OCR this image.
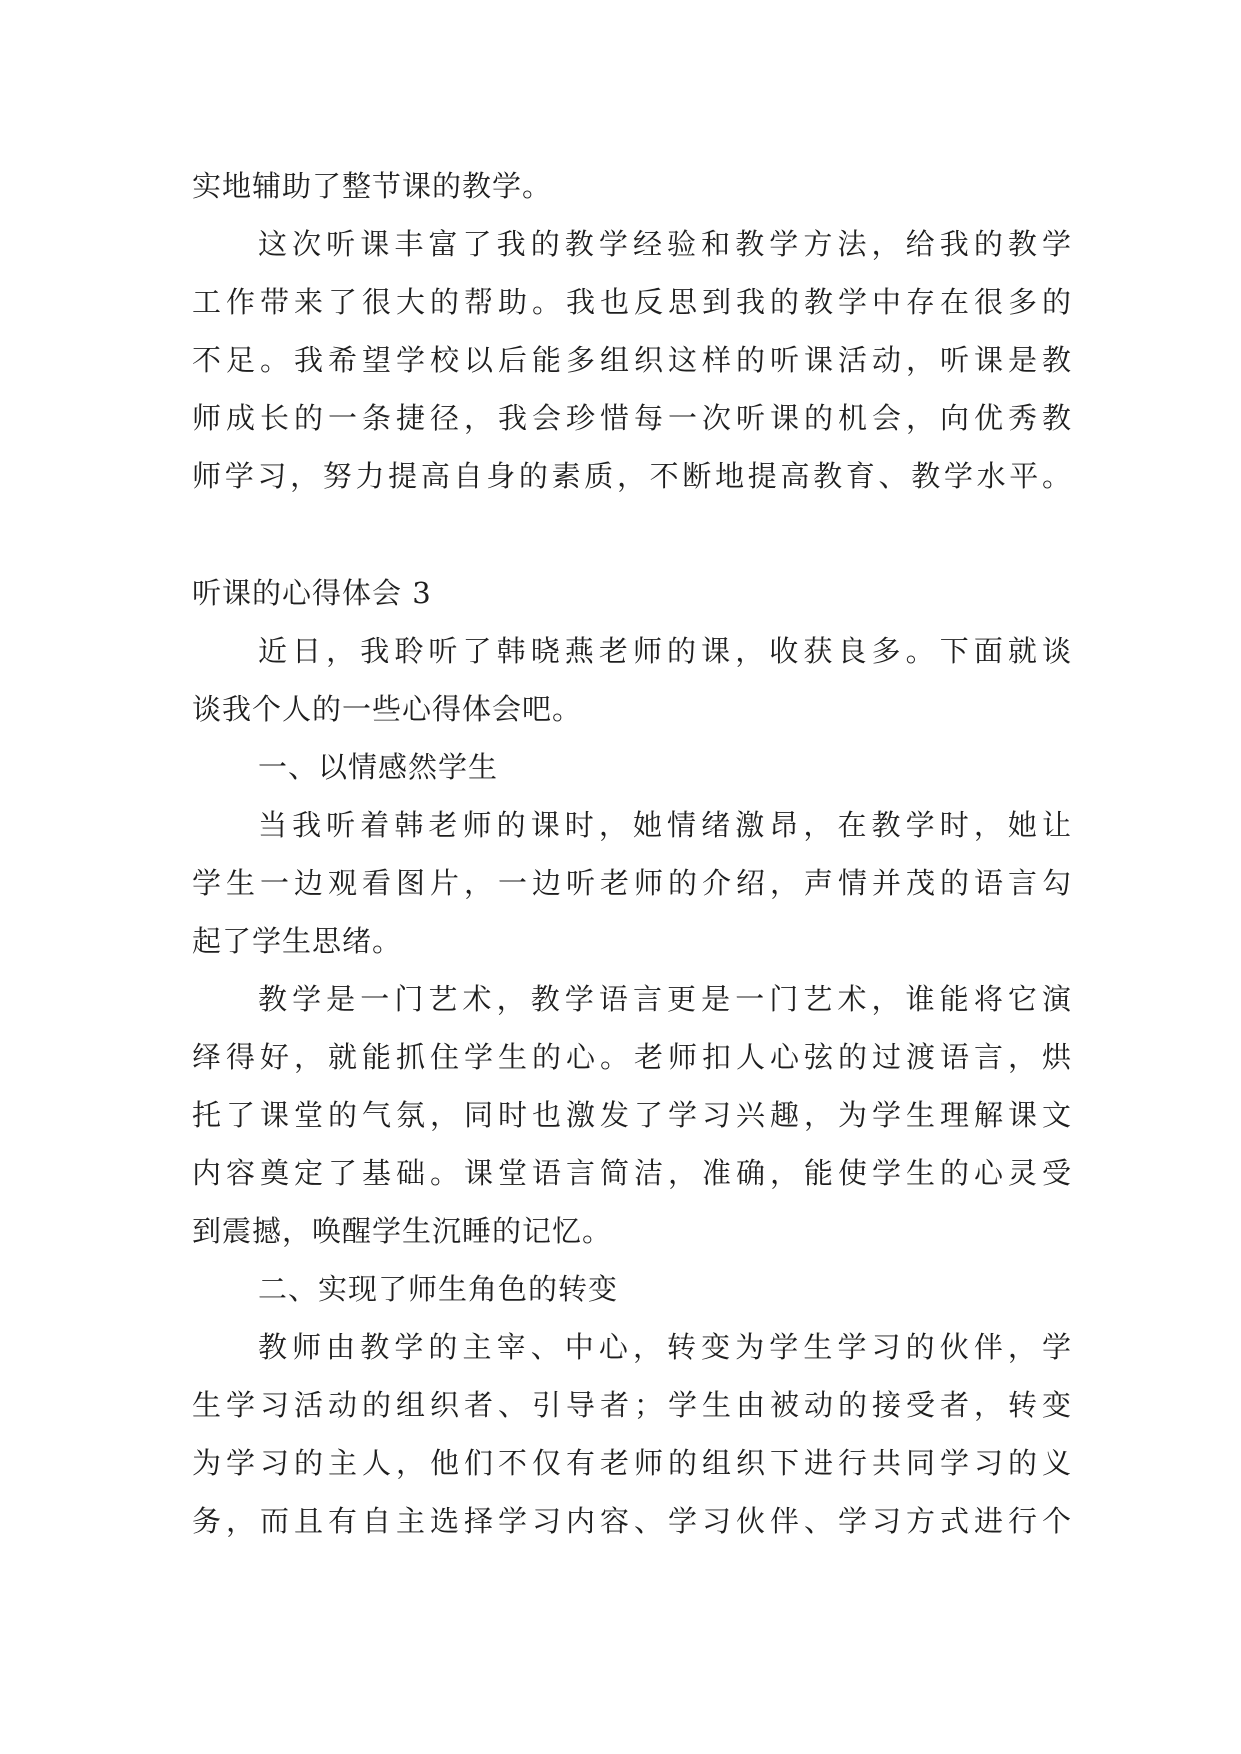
实地辅助了整节课的教学。
这次听课丰富了我的教学经验和教学方法，给我的教学
工作带来了很大的帮助。我也反思到我的教学中存在很多的
不足。我希望学校以后能多组织这样的听课活动，听课是教
师成长的一条捷径，我会珍惜每一次听课的机会，向优秀教
师学习，努力提高自身的素质，不断地提高教育、教学水平。
听课的心得体会 3
近日，我聆听了韩晓燕老师的课，收获良多。下面就谈
谈我个人的一些心得体会吧。
一、以情感然学生
当我听着韩老师的课时，她情绪激昂，在教学时，她让
学生一边观看图片，一边听老师的介绍，声情并茂的语言勾
起了学生思绪。
教学是一门艺术，教学语言更是一门艺术，谁能将它演
绎得好，就能抓住学生的心。老师扣人心弦的过渡语言，烘
托了课堂的气氛，同时也激发了学习兴趣，为学生理解课文
内容奠定了基础。课堂语言简洁，准确，能使学生的心灵受
到震撼，唤醒学生沉睡的记忆。
二、实现了师生角色的转变
教师由教学的主宰、中心，转变为学生学习的伙伴，学
生学习活动的组织者、引导者；学生由被动的接受者，转变
为学习的主人，他们不仅有老师的组织下进行共同学习的义
务，而且有自主选择学习内容、学习伙伴、学习方式进行个
